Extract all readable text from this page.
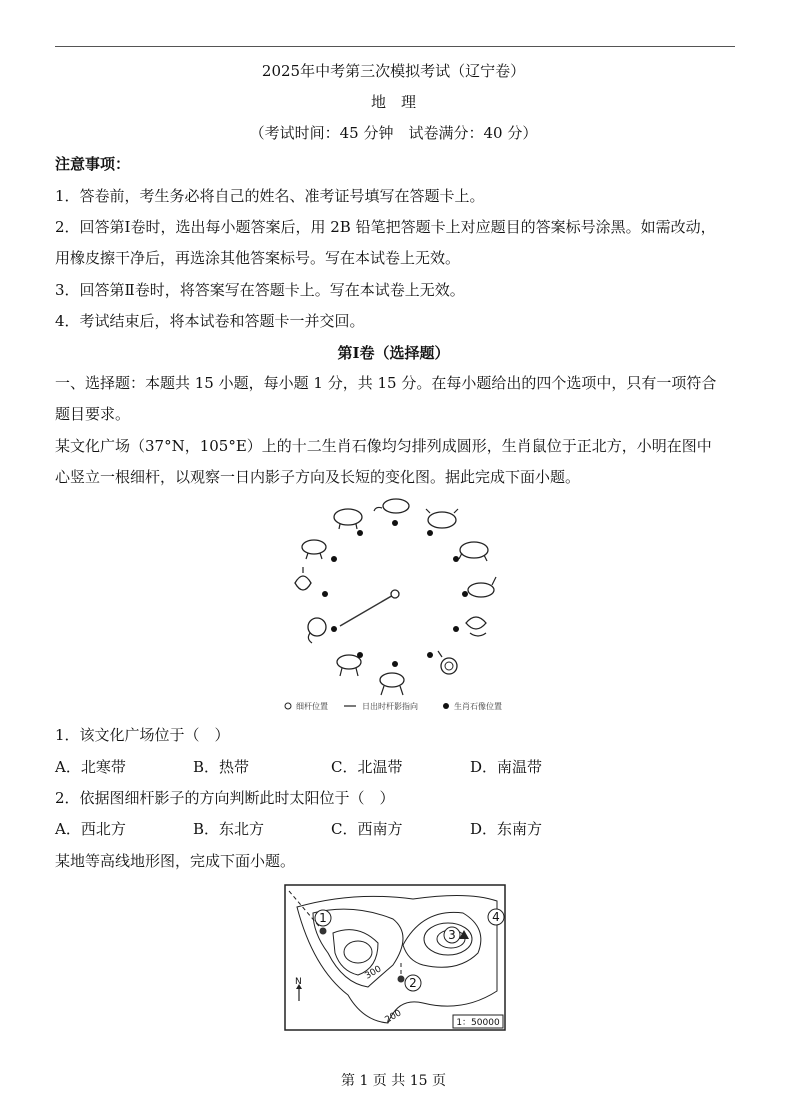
2025年中考第三次模拟考试（辽宁卷）
地　理
（考试时间：45 分钟　试卷满分：40 分）
注意事项：
1．答卷前，考生务必将自己的姓名、准考证号填写在答题卡上。
2．回答第Ⅰ卷时，选出每小题答案后，用 2B 铅笔把答题卡上对应题目的答案标号涂黑。如需改动，
用橡皮擦干净后，再选涂其他答案标号。写在本试卷上无效。
3．回答第Ⅱ卷时，将答案写在答题卡上。写在本试卷上无效。
4．考试结束后，将本试卷和答题卡一并交回。
第Ⅰ卷（选择题）
一、选择题：本题共 15 小题，每小题 1 分，共 15 分。在每小题给出的四个选项中，只有一项符合
题目要求。
某文化广场（37°N，105°E）上的十二生肖石像均匀排列成圆形，生肖鼠位于正北方，小明在图中
心竖立一根细杆，以观察一日内影子方向及长短的变化图。据此完成下面小题。
细杆位置	日出时杆影指向	生肖石像位置
1．该文化广场位于（　）
A．北寒带	B．热带	C．北温带	D．南温带
2．依据图细杆影子的方向判断此时太阳位于（　）
A．西北方	B．东北方	C．西南方	D．东南方
某地等高线地形图，完成下面小题。
1
2
3
4
300
200
N
1：50000
第 1 页 共 15 页
